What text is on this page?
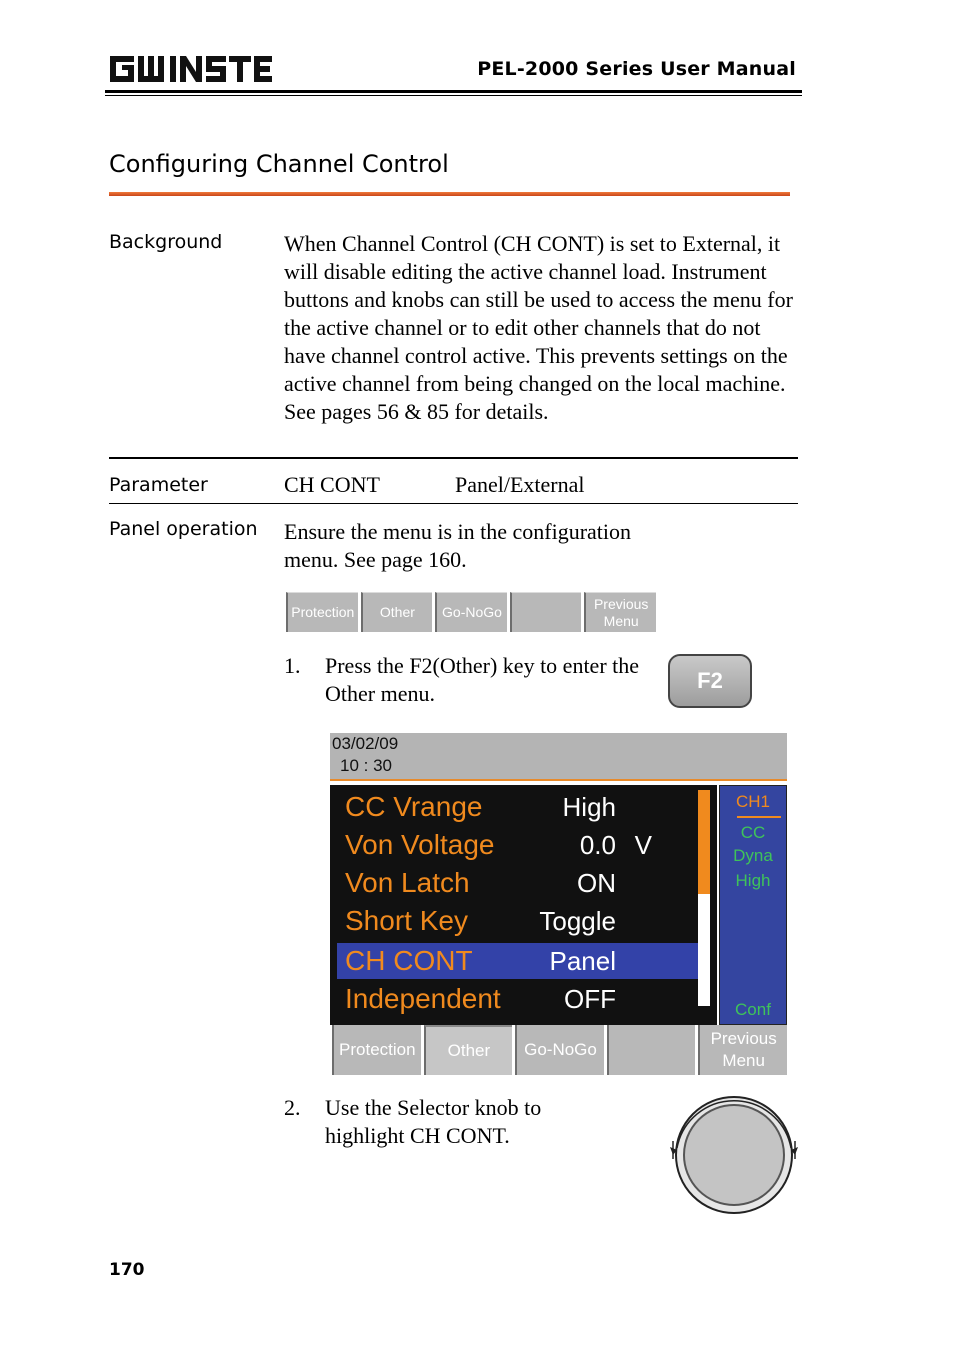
PEL-2000 Series User Manual
Configuring Channel Control
Background	When Channel Control (CH CONT) is set to External, it will disable editing the active channel load. Instrument buttons and knobs can still be used to access the menu for the active channel or to edit other channels that do not have channel control active. This prevents settings on the active channel from being changed on the local machine. See pages 56 & 85 for details.
Parameter	CH CONT	Panel/External
Panel operation Ensure the menu is in the configuration menu. See page 160.
Protection	Other	Go-NoGo
Previous Menu
1. Press the F2(Other) key to enter the Other menu.
F2
03/02/09
10 : 30
CC Vrange	High
Von Voltage	0.0 V
Von Latch	ON
Short Key	Toggle
CH CONT	Panel
Independent OFF
CH1
CC
Dyna
High
Conf
Protection	Other	Go-NoGo
Previous Menu
2. Use the Selector knob to highlight CH CONT.
170
